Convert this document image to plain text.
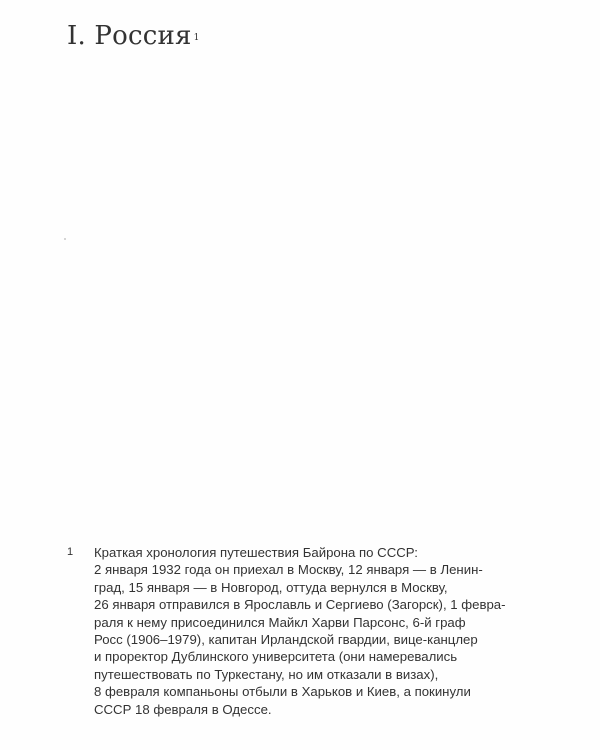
I. Россия $^1$
1 Краткая хронология путешествия Байрона по СССР:
2 января 1932 года он приехал в Москву, 12 января — в Ленин-
град, 15 января — в Новгород, оттуда вернулся в Москву,
26 января отправился в Ярославль и Сергиево (Загорск), 1 февра-
раля к нему присоединился Майкл Харви Парсонс, 6-й граф
Росс (1906–1979), капитан Ирландской гвардии, вице-канцлер
и проректор Дублинского университета (они намеревались
путешествовать по Туркестану, но им отказали в визах),
8 февраля компаньоны отбыли в Харьков и Киев, а покинули
СССР 18 февраля в Одессе.
